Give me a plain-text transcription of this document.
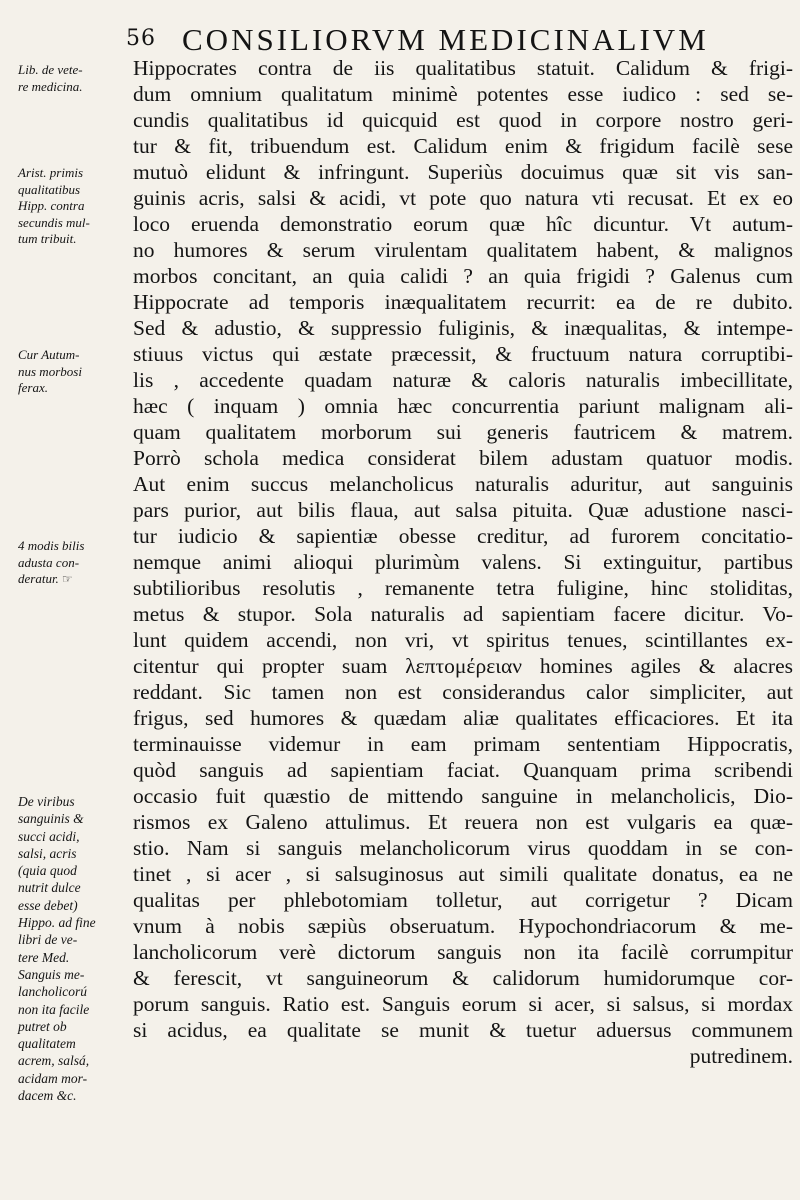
56 CONSILIORVM MEDICINALIVM
Lib. de vete-
re medicina.
Arist. primis
qualitatibus
Hipp. contra
secundis mul-
tum tribuit.
Cur Autum-
nus morbosi
ferax.
4 modis bilis
adusta con-
deratur. ☞
De viribus
sanguinis &
succi acidi,
salsi, acris
(quia quod
nutrit dulce
esse debet)
Hippo. ad fine
libri de ve-
tere Med.
Sanguis me-
lancholicorú
non ita facile
putret ob
qualitatem
acrem, salsá,
acidam mor-
dacem &c.
Hippocrates contra de iis qualitatibus statuit. Calidum & frigi-
dum omnium qualitatum minimè potentes esse iudico : sed se-
cundis qualitatibus id quicquid est quod in corpore nostro geri-
tur & fit, tribuendum est. Calidum enim & frigidum facilè sese
mutuò elidunt & infringunt. Superiùs docuimus quæ sit vis san-
guinis acris, salsi & acidi, vt pote quo natura vti recusat. Et ex eo
loco eruenda demonstratio eorum quæ hîc dicuntur. Vt autum-
no humores & serum virulentam qualitatem habent, & malignos
morbos concitant, an quia calidi ? an quia frigidi ? Galenus cum
Hippocrate ad temporis inæqualitatem recurrit: ea de re dubito.
Sed & adustio, & suppressio fuliginis, & inæqualitas, & intempe-
stiuus victus qui æstate præcessit, & fructuum natura corruptibi-
lis , accedente quadam naturæ & caloris naturalis imbecillitate,
hæc ( inquam ) omnia hæc concurrentia pariunt malignam ali-
quam qualitatem morborum sui generis fautricem & matrem.
Porrò schola medica considerat bilem adustam quatuor modis.
Aut enim succus melancholicus naturalis aduritur, aut sanguinis
pars purior, aut bilis flaua, aut salsa pituita. Quæ adustione nasci-
tur iudicio & sapientiæ obesse creditur, ad furorem concitatio-
nemque animi alioqui plurimùm valens. Si extinguitur, partibus
subtilioribus resolutis , remanente tetra fuligine, hinc stoliditas,
metus & stupor. Sola naturalis ad sapientiam facere dicitur. Vo-
lunt quidem accendi, non vri, vt spiritus tenues, scintillantes ex-
citentur qui propter suam λεπτομέρειαν homines agiles & alacres
reddant. Sic tamen non est considerandus calor simpliciter, aut
frigus, sed humores & quædam aliæ qualitates efficaciores. Et ita
terminauisse videmur in eam primam sententiam Hippocratis,
quòd sanguis ad sapientiam faciat. Quanquam prima scribendi
occasio fuit quæstio de mittendo sanguine in melancholicis, Dio-
rismos ex Galeno attulimus. Et reuera non est vulgaris ea quæ-
stio. Nam si sanguis melancholicorum virus quoddam in se con-
tinet , si acer , si salsuginosus aut simili qualitate donatus, ea ne
qualitas per phlebotomiam tolletur, aut corrigetur ? Dicam
vnum à nobis sæpiùs obseruatum. Hypochondriacorum & me-
lancholicorum verè dictorum sanguis non ita facilè corrumpitur
& ferescit, vt sanguineorum & calidorum humidorumque cor-
porum sanguis. Ratio est. Sanguis eorum si acer, si salsus, si mordax
si acidus, ea qualitate se munit & tuetur aduersus communem
putredinem.
